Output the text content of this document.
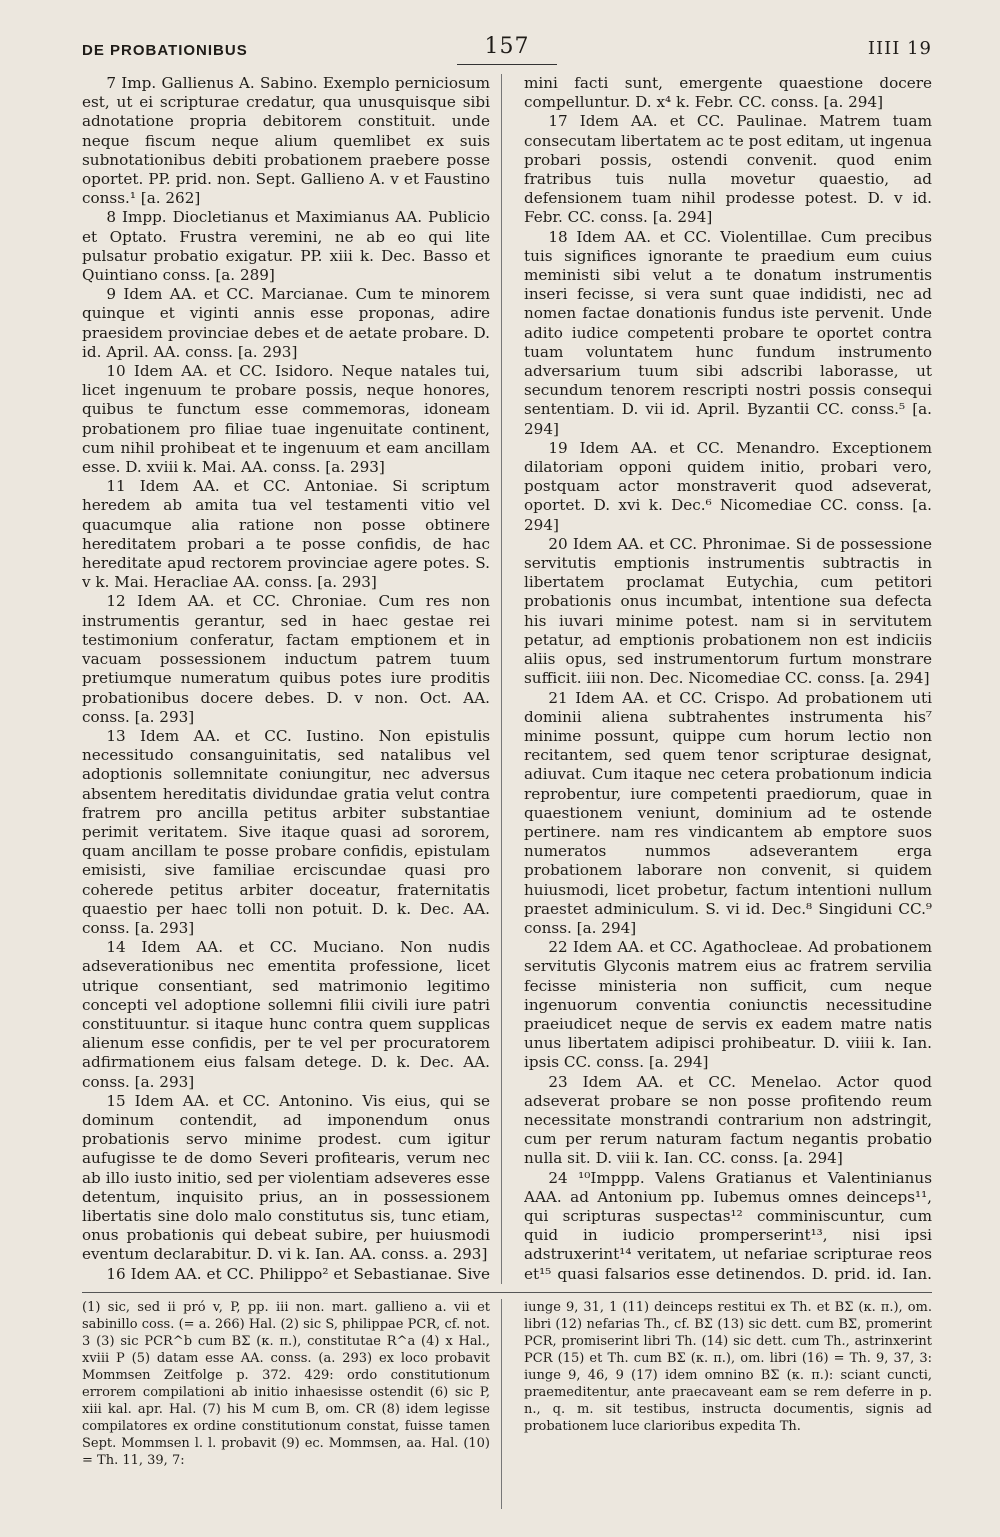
DE PROBATIONIBUS	157	IIII 19

7 Imp. Gallienus A. Sabino. Exemplo perniciosum est, ut ei scripturae credatur, qua unusquisque sibi adnotatione propria debitorem constituit. unde neque fiscum neque alium quemlibet ex suis subnotationibus debiti probationem praebere posse oportet. PP. prid. non. Sept. Gallieno A. v et Faustino conss.¹ [a. 262]

8 Impp. Diocletianus et Maximianus AA. Publicio et Optato. Frustra veremini, ne ab eo qui lite pulsatur probatio exigatur. PP. xiii k. Dec. Basso et Quintiano conss. [a. 289]

9 Idem AA. et CC. Marcianae. Cum te minorem quinque et viginti annis esse proponas, adire praesidem provinciae debes et de aetate probare. D. id. April. AA. conss. [a. 293]

10 Idem AA. et CC. Isidoro. Neque natales tui, licet ingenuum te probare possis, neque honores, quibus te functum esse commemoras, idoneam probationem pro filiae tuae ingenuitate continent, cum nihil prohibeat et te ingenuum et eam ancillam esse. D. xviii k. Mai. AA. conss. [a. 293]

11 Idem AA. et CC. Antoniae. Si scriptum heredem ab amita tua vel testamenti vitio vel quacumque alia ratione non posse obtinere hereditatem probari a te posse confidis, de hac hereditate apud rectorem provinciae agere potes. S. v k. Mai. Heracliae AA. conss. [a. 293]

12 Idem AA. et CC. Chroniae. Cum res non instrumentis gerantur, sed in haec gestae rei testimonium conferatur, factam emptionem et in vacuam possessionem inductum patrem tuum pretiumque numeratum quibus potes iure proditis probationibus docere debes. D. v non. Oct. AA. conss. [a. 293]

13 Idem AA. et CC. Iustino. Non epistulis necessitudo consanguinitatis, sed natalibus vel adoptionis sollemnitate coniungitur, nec adversus absentem hereditatis dividundae gratia velut contra fratrem pro ancilla petitus arbiter substantiae perimit veritatem. Sive itaque quasi ad sororem, quam ancillam te posse probare confidis, epistulam emisisti, sive familiae erciscundae quasi pro coherede petitus arbiter doceatur, fraternitatis quaestio per haec tolli non potuit. D. k. Dec. AA. conss. [a. 293]

14 Idem AA. et CC. Muciano. Non nudis adseverationibus nec ementita professione, licet utrique consentiant, sed matrimonio legitimo concepti vel adoptione sollemni filii civili iure patri constituuntur. si itaque hunc contra quem supplicas alienum esse confidis, per te vel per procuratorem adfirmationem eius falsam detege. D. k. Dec. AA. conss. [a. 293]

15 Idem AA. et CC. Antonino. Vis eius, qui se dominum contendit, ad imponendum onus probationis servo minime prodest. cum igitur aufugisse te de domo Severi profitearis, verum nec ab illo iusto initio, sed per violentiam adseveres esse detentum, inquisito prius, an in possessionem libertatis sine dolo malo constitutus sis, tunc etiam, onus probationis qui debeat subire, per huiusmodi eventum declarabitur. D. vi k. Ian. AA. conss. a. 293]

16 Idem AA. et CC. Philippo² et Sebastianae. Sive

mini facti sunt, emergente quaestione docere compelluntur. D. x⁴ k. Febr. CC. conss. [a. 294]

17 Idem AA. et CC. Paulinae. Matrem tuam consecutam libertatem ac te post editam, ut ingenua probari possis, ostendi convenit. quod enim fratribus tuis nulla movetur quaestio, ad defensionem tuam nihil prodesse potest. D. v id. Febr. CC. conss. [a. 294]

18 Idem AA. et CC. Violentillae. Cum precibus tuis significes ignorante te praedium eum cuius meministi sibi velut a te donatum instrumentis inseri fecisse, si vera sunt quae indidisti, nec ad nomen factae donationis fundus iste pervenit. Unde adito iudice competenti probare te oportet contra tuam voluntatem hunc fundum instrumento adversarium tuum sibi adscribi laborasse, ut secundum tenorem rescripti nostri possis consequi sententiam. D. vii id. April. Byzantii CC. conss.⁵ [a. 294]

19 Idem AA. et CC. Menandro. Exceptionem dilatoriam opponi quidem initio, probari vero, postquam actor monstraverit quod adseverat, oportet. D. xvi k. Dec.⁶ Nicomediae CC. conss. [a. 294]

20 Idem AA. et CC. Phronimae. Si de possessione servitutis emptionis instrumentis subtractis in libertatem proclamat Eutychia, cum petitori probationis onus incumbat, intentione sua defecta his iuvari minime potest. nam si in servitutem petatur, ad emptionis probationem non est indiciis aliis opus, sed instrumentorum furtum monstrare sufficit. iiii non. Dec. Nicomediae CC. conss. [a. 294]

21 Idem AA. et CC. Crispo. Ad probationem uti dominii aliena subtrahentes instrumenta his⁷ minime possunt, quippe cum horum lectio non recitantem, sed quem tenor scripturae designat, adiuvat. Cum itaque nec cetera probationum indicia reprobentur, iure competenti praediorum, quae in quaestionem veniunt, dominium ad te ostende pertinere. nam res vindicantem ab emptore suos numeratos nummos adseverantem erga probationem laborare non convenit, si quidem huiusmodi, licet probetur, factum intentioni nullum praestet adminiculum. S. vi id. Dec.⁸ Singiduni CC.⁹ conss. [a. 294]

22 Idem AA. et CC. Agathocleae. Ad probationem servitutis Glyconis matrem eius ac fratrem servilia fecisse ministeria non sufficit, cum neque ingenuorum conventia coniunctis necessitudine praeiudicet neque de servis ex eadem matre natis unus libertatem adipisci prohibeatur. D. viiii k. Ian. ipsis CC. conss. [a. 294]

23 Idem AA. et CC. Menelao. Actor quod adseverat probare se non posse profitendo reum necessitate monstrandi contrarium non adstringit, cum per rerum naturam factum negantis probatio nulla sit. D. viii k. Ian. CC. conss. [a. 294]

24 ¹⁰Imppp. Valens Gratianus et Valentinianus AAA. ad Antonium pp. Iubemus omnes deinceps¹¹, qui scripturas suspectas¹² comminiscuntur, cum quid in iudicio promperserint¹³, nisi ipsi adstruxerint¹⁴ veritatem, ut nefariae scripturae reos et¹⁵ quasi falsarios esse detinendos. D. prid. id. Ian.

(1) sic, sed ii pró v, P, pp. iii non. mart. gallieno a. vii et sabinillo coss. (= a. 266) Hal. (2) sic S, philippae PCR, cf. not. 3 (3) sic PCR^b cum BΣ (κ. π.), constitutae R^a (4) x Hal., xviii P (5) datam esse AA. conss. (a. 293) ex loco probavit Mommsen Zeitfolge p. 372. 429: ordo constitutionum errorem compilationi ab initio inhaesisse ostendit (6) sic P, xiii kal. apr. Hal. (7) his M cum B, om. CR (8) idem legisse compilatores ex ordine constitutionum constat, fuisse tamen Sept. Mommsen l. l. probavit (9) ec. Mommsen, aa. Hal. (10) = Th. 11, 39, 7:
iunge 9, 31, 1 (11) deinceps restitui ex Th. et BΣ (κ. π.), om. libri (12) nefarias Th., cf. BΣ (13) sic dett. cum BΣ, promerint PCR, promiserint libri Th. (14) sic dett. cum Th., astrinxerint PCR (15) et Th. cum BΣ (κ. π.), om. libri (16) = Th. 9, 37, 3: iunge 9, 46, 9 (17) idem omnino BΣ (κ. π.): sciant cuncti, praemeditentur, ante praecaveant eam se rem deferre in p. n., q. m. sit testibus, instructa documentis, signis ad probationem luce clarioribus expedita Th.
